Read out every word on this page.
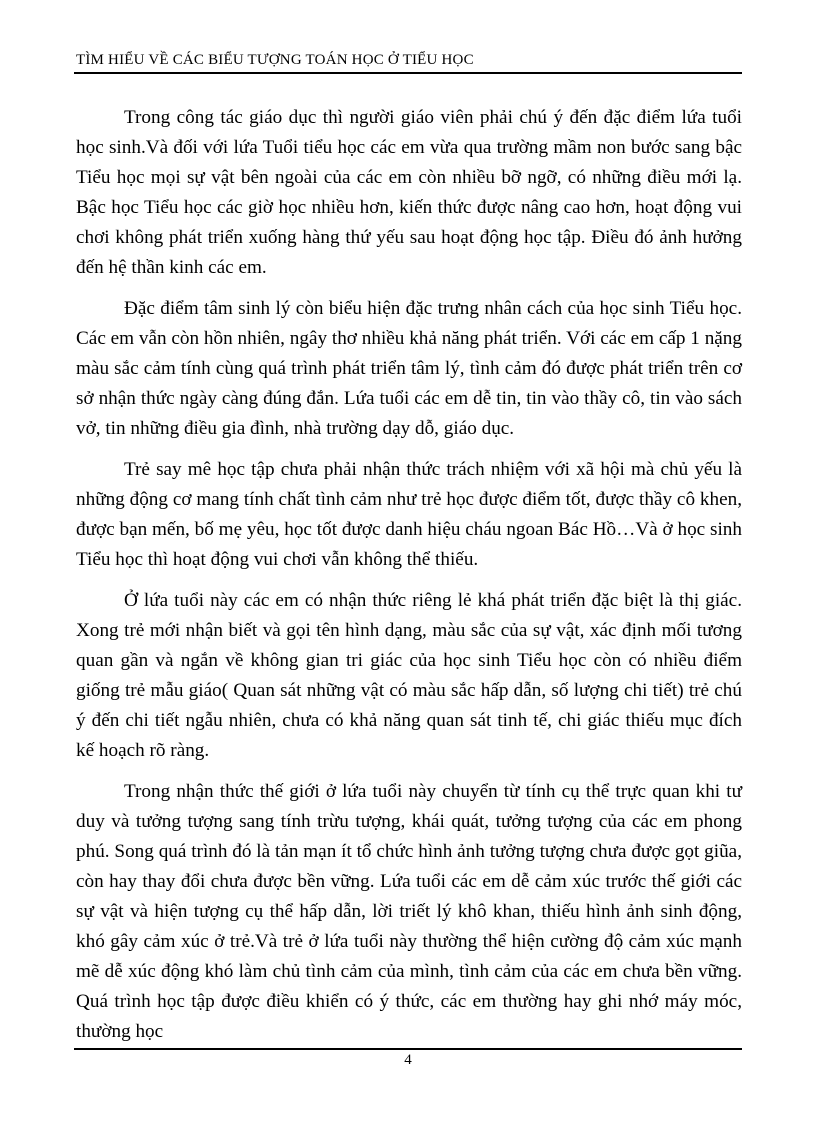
TÌM HIỂU VỀ CÁC BIỂU TƯỢNG TOÁN HỌC Ở TIỂU HỌC

Trong công tác giáo dục thì người giáo viên phải chú ý đến đặc điểm lứa tuổi học sinh.Và đối với lứa Tuổi tiểu học các em vừa qua trường mầm non bước sang bậc Tiểu học mọi sự vật bên ngoài của các em còn nhiều bỡ ngỡ, có những điều mới lạ. Bậc học Tiểu học các giờ học nhiều hơn, kiến thức được nâng cao hơn, hoạt động vui chơi không phát triển xuống hàng thứ yếu sau hoạt động học tập. Điều đó ảnh hưởng đến hệ thần kinh các em.

Đặc điểm tâm sinh lý còn biểu hiện đặc trưng nhân cách của học sinh Tiểu học. Các em vẫn còn hồn nhiên, ngây thơ nhiều khả năng phát triển. Với các em cấp 1 nặng màu sắc cảm tính cùng quá trình phát triển tâm lý, tình cảm đó được phát triển trên cơ sở nhận thức ngày càng đúng đắn. Lứa tuổi các em dễ tin, tin vào thầy cô, tin vào sách vở, tin những điều gia đình, nhà trường dạy dỗ, giáo dục.

Trẻ say mê học tập chưa phải nhận thức trách nhiệm với xã hội mà chủ yếu là những động cơ mang tính chất tình cảm như trẻ học được điểm tốt, được thầy cô khen, được bạn mến, bố mẹ yêu, học tốt được danh hiệu cháu ngoan Bác Hồ…Và ở học sinh Tiểu học thì hoạt động vui chơi vẫn không thể thiếu.

Ở lứa tuổi này các em có nhận thức riêng lẻ khá phát triển đặc biệt là thị giác. Xong trẻ mới nhận biết và gọi tên hình dạng, màu sắc của sự vật, xác định mối tương quan gần và ngắn về không gian tri giác của học sinh Tiểu học còn có nhiều điểm giống trẻ mẫu giáo( Quan sát những vật có màu sắc hấp dẫn, số lượng chi tiết) trẻ chú ý đến chi tiết ngẫu nhiên, chưa có khả năng quan sát tinh tế, chi giác thiếu mục đích kế hoạch rõ ràng.

Trong nhận thức thế giới ở lứa tuổi này chuyển từ tính cụ thể trực quan khi tư duy và tưởng tượng sang tính trừu tượng, khái quát, tưởng tượng của các em phong phú. Song quá trình đó là tản mạn ít tổ chức hình ảnh tưởng tượng chưa được gọt giũa, còn hay thay đổi chưa được bền vững. Lứa tuổi các em dễ cảm xúc trước thế giới các sự vật và hiện tượng cụ thể hấp dẫn, lời triết lý khô khan, thiếu hình ảnh sinh động, khó gây cảm xúc ở trẻ.Và trẻ ở lứa tuổi này thường thể hiện cường độ cảm xúc mạnh mẽ dễ xúc động khó làm chủ tình cảm của mình, tình cảm của các em chưa bền vững. Quá trình học tập được điều khiển có ý thức, các em thường hay ghi nhớ máy móc, thường học

4
